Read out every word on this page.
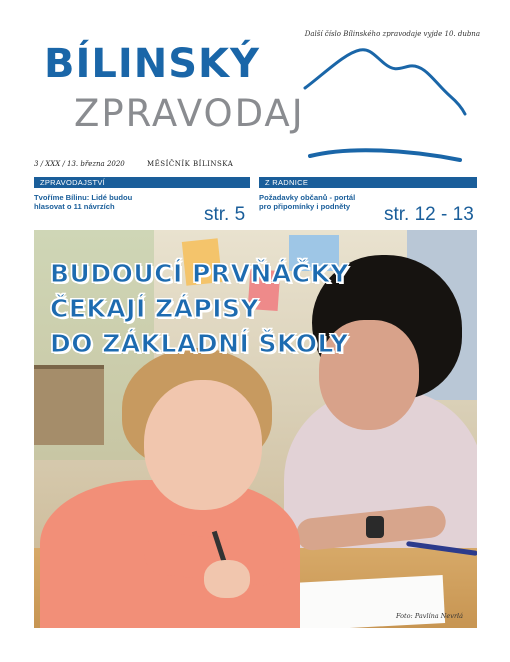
Další číslo Bílinského zpravodaje vyjde 10. dubna
BÍLINSKÝ
ZPRAVODAJ
3 / XXX / 13. března 2020	MĚSÍČNÍK BÍLINSKA
ZPRAVODAJSTVÍ	Z RADNICE
Tvoříme Bílinu: Lidé budou hlasovat o 11 návrzích
Požadavky občanů - portál pro připomínky i podněty
str. 5	str. 12 - 13
BUDOUCÍ PRVŇÁČKY
ČEKAJÍ ZÁPISY
DO ZÁKLADNÍ ŠKOLY
Foto: Pavlína Nevrlá
